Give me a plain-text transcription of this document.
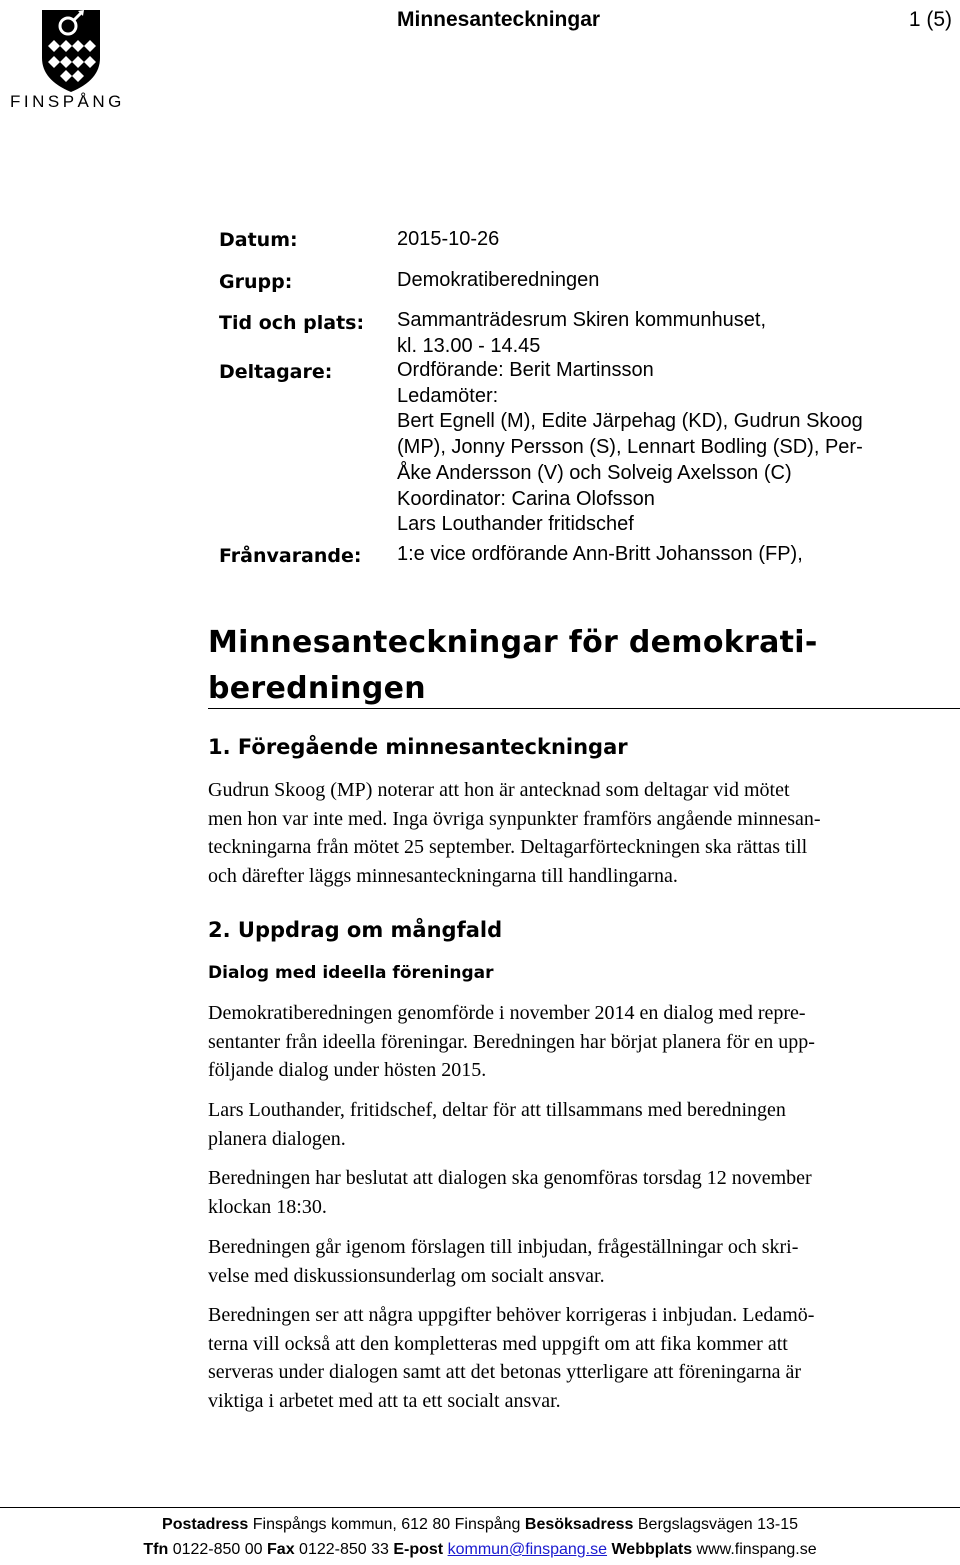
FINSPÅNG
Minnesanteckningar	1 (5)
Datum:	2015-10-26
Grupp:	Demokratiberedningen
Tid och plats: Sammanträdesrum Skiren kommunhuset,
kl. 13.00 - 14.45
Deltagare:	Ordförande: Berit Martinsson
Ledamöter:
Bert Egnell (M), Edite Järpehag (KD), Gudrun Skoog
(MP), Jonny Persson (S), Lennart Bodling (SD), Per-
Åke Andersson (V) och Solveig Axelsson (C)
Koordinator: Carina Olofsson
Lars Louthander fritidschef
Frånvarande: 1:e vice ordförande Ann-Britt Johansson (FP),
Minnesanteckningar för demokrati-
beredningen
1. Föregående minnesanteckningar
Gudrun Skoog (MP) noterar att hon är antecknad som deltagar vid mötet
men hon var inte med. Inga övriga synpunkter framförs angående minnesan-
teckningarna från mötet 25 september. Deltagarförteckningen ska rättas till
och därefter läggs minnesanteckningarna till handlingarna.
2. Uppdrag om mångfald
Dialog med ideella föreningar
Demokratiberedningen genomförde i november 2014 en dialog med repre-
sentanter från ideella föreningar. Beredningen har börjat planera för en upp-
följande dialog under hösten 2015.
Lars Louthander, fritidschef, deltar för att tillsammans med beredningen
planera dialogen.
Beredningen har beslutat att dialogen ska genomföras torsdag 12 november
klockan 18:30.
Beredningen går igenom förslagen till inbjudan, frågeställningar och skri-
velse med diskussionsunderlag om socialt ansvar.
Beredningen ser att några uppgifter behöver korrigeras i inbjudan. Ledamö-
terna vill också att den kompletteras med uppgift om att fika kommer att
serveras under dialogen samt att det betonas ytterligare att föreningarna är
viktiga i arbetet med att ta ett socialt ansvar.
Postadress Finspångs kommun, 612 80 Finspång Besöksadress Bergslagsvägen 13-15
Tfn 0122-850 00 Fax 0122-850 33 E-post kommun@finspang.se Webbplats www.finspang.se
